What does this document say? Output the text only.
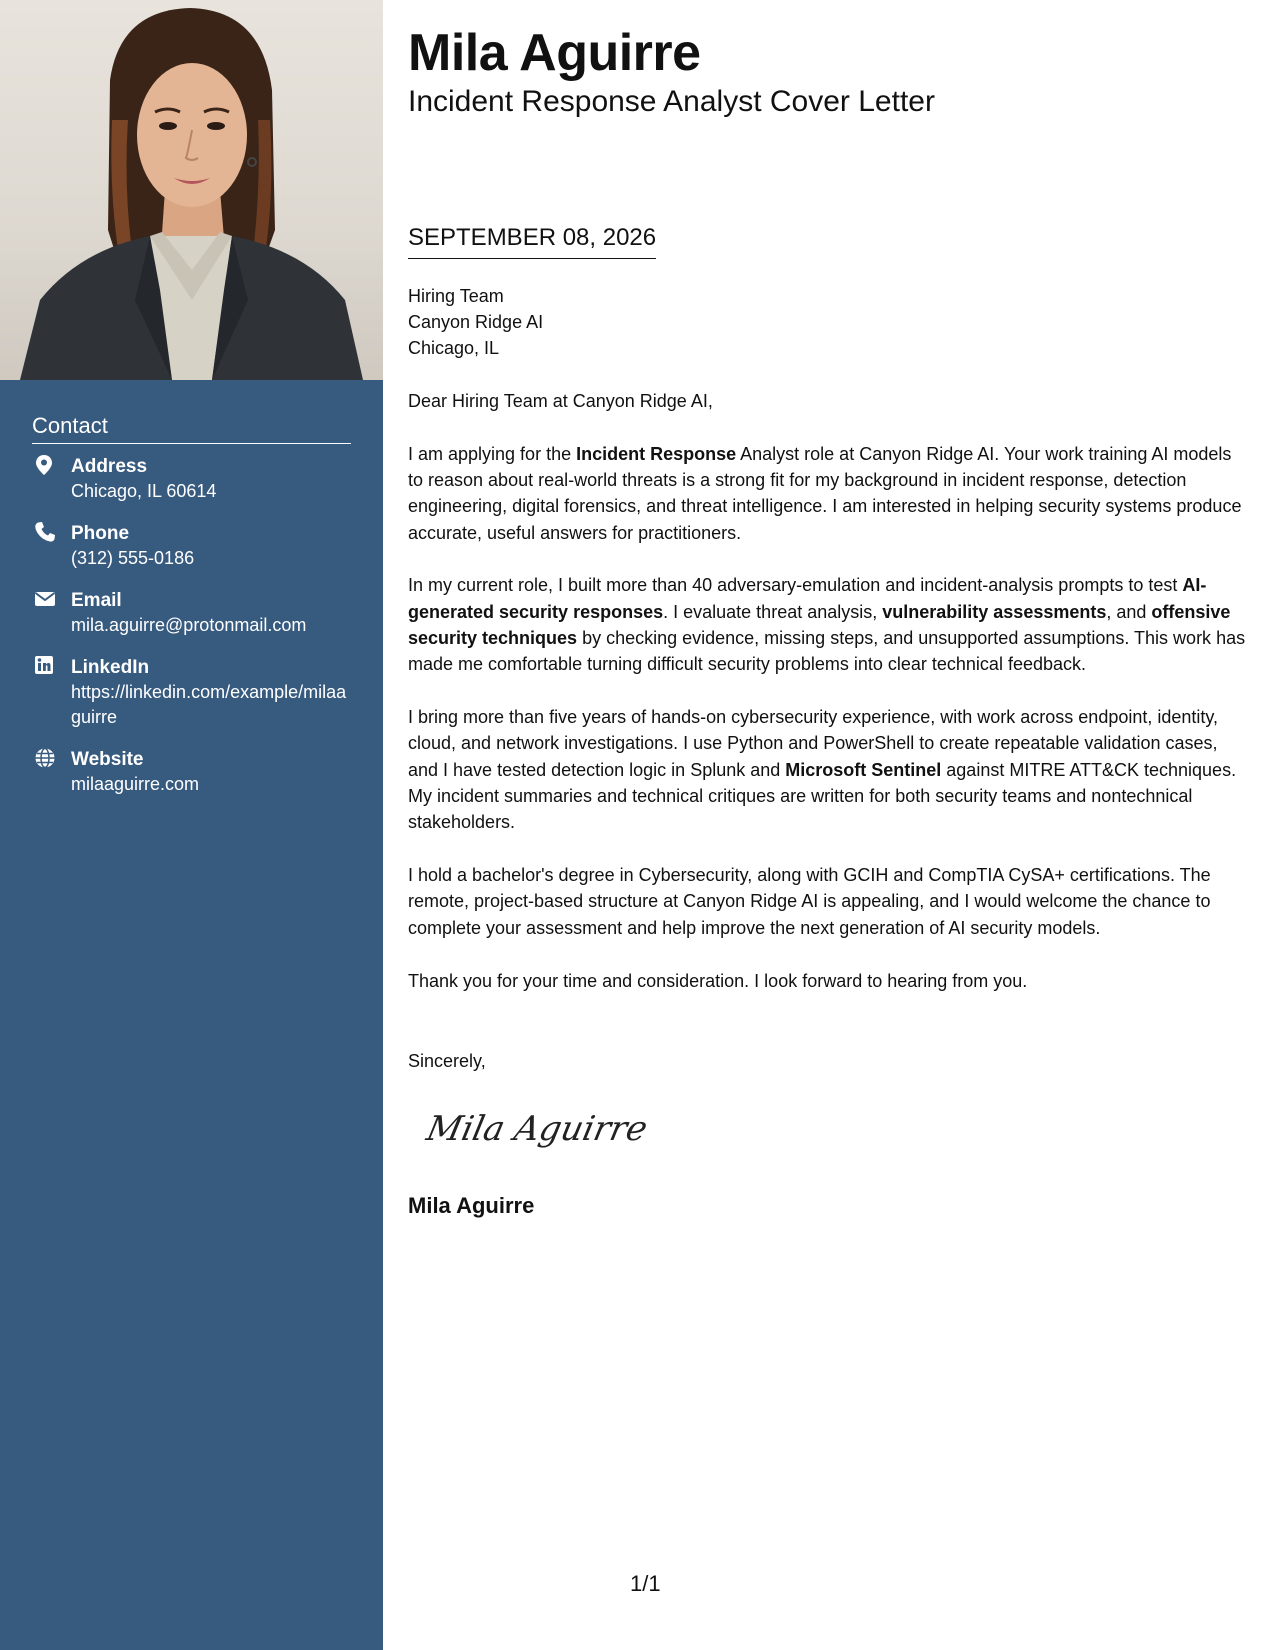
Contact
Address
Chicago, IL 60614
Phone
(312) 555-0186
Email
mila.aguirre@protonmail.com
LinkedIn
https://linkedin.com/example/milaaguirre
Website
milaaguirre.com
Mila Aguirre
Incident Response Analyst Cover Letter
SEPTEMBER 08, 2026
Hiring Team
Canyon Ridge AI
Chicago, IL

Dear Hiring Team at Canyon Ridge AI,

I am applying for the Incident Response Analyst role at Canyon Ridge AI. Your work training AI models to reason about real-world threats is a strong fit for my background in incident response, detection engineering, digital forensics, and threat intelligence. I am interested in helping security systems produce accurate, useful answers for practitioners.

In my current role, I built more than 40 adversary-emulation and incident-analysis prompts to test AI-generated security responses. I evaluate threat analysis, vulnerability assessments, and offensive security techniques by checking evidence, missing steps, and unsupported assumptions. This work has made me comfortable turning difficult security problems into clear technical feedback.

I bring more than five years of hands-on cybersecurity experience, with work across endpoint, identity, cloud, and network investigations. I use Python and PowerShell to create repeatable validation cases, and I have tested detection logic in Splunk and Microsoft Sentinel against MITRE ATT&CK techniques. My incident summaries and technical critiques are written for both security teams and nontechnical stakeholders.

I hold a bachelor's degree in Cybersecurity, along with GCIH and CompTIA CySA+ certifications. The remote, project-based structure at Canyon Ridge AI is appealing, and I would welcome the chance to complete your assessment and help improve the next generation of AI security models.

Thank you for your time and consideration. I look forward to hearing from you.

Sincerely,
Mila Aguirre
Mila Aguirre
1/1
